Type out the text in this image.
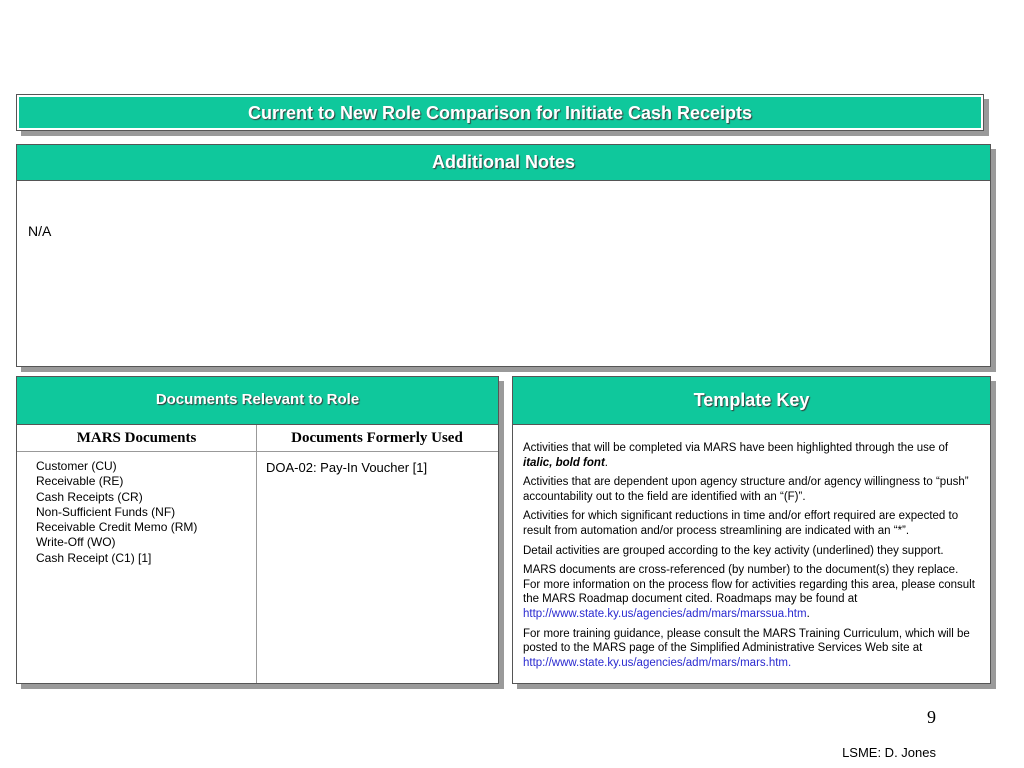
Current to New Role Comparison for Initiate Cash Receipts
Additional Notes
N/A
Documents Relevant to Role
MARS Documents	Documents Formerly Used
Customer (CU)
Receivable (RE)
Cash Receipts (CR)
Non-Sufficient Funds (NF)
Receivable Credit Memo (RM)
Write-Off (WO)
Cash Receipt (C1) [1]
DOA-02: Pay-In Voucher [1]
Template Key

Activities that will be completed via MARS have been highlighted through the use of italic, bold font.

Activities that are dependent upon agency structure and/or agency willingness to “push” accountability out to the field are identified with an “(F)”.

Activities for which significant reductions in time and/or effort required are expected to result from automation and/or process streamlining are indicated with an “*”.

Detail activities are grouped according to the key activity (underlined) they support.

MARS documents are cross-referenced (by number) to the document(s) they replace. For more information on the process flow for activities regarding this area, please consult the MARS Roadmap document cited. Roadmaps may be found at http://www.state.ky.us/agencies/adm/mars/marssua.htm.

For more training guidance, please consult the MARS Training Curriculum, which will be posted to the MARS page of the Simplified Administrative Services Web site at http://www.state.ky.us/agencies/adm/mars/mars.htm.

9
LSME: D. Jones
